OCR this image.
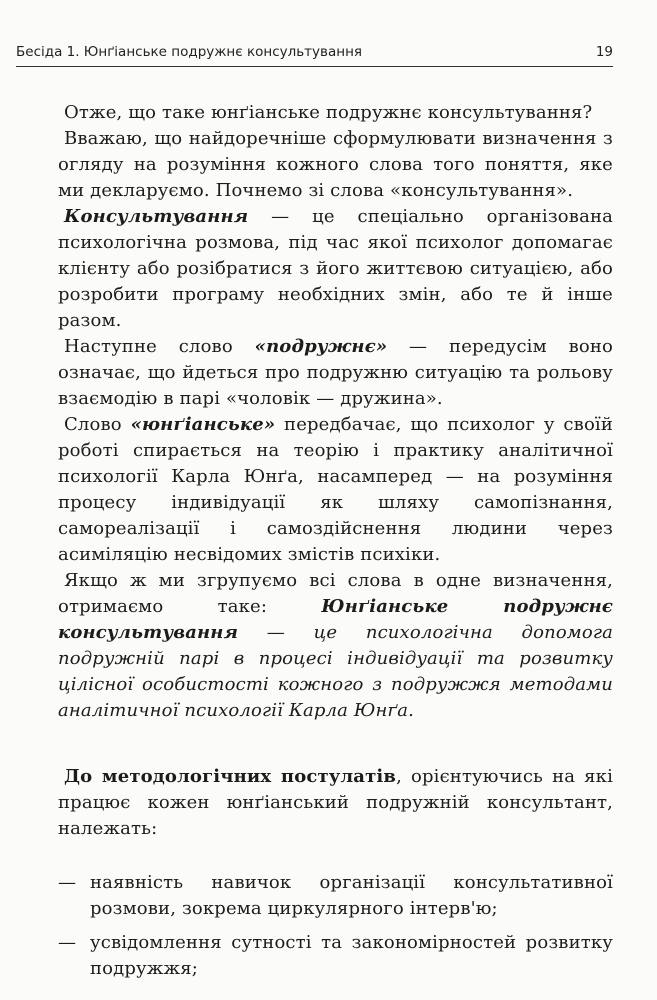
Бесіда 1. Юнґіанське подружнє консультування	19

Отже, що таке юнґіанське подружнє консультування?

Вважаю, що найдоречніше сформулювати визначення з огляду на розуміння кожного слова того поняття, яке ми декларуємо. Почнемо зі слова «консультування».

Консультування — це спеціально організована психологічна розмова, під час якої психолог допомагає клієнту або розібратися з його життєвою ситуацією, або розробити програму необхідних змін, або те й інше разом.

Наступне слово «подружнє» — передусім воно означає, що йдеться про подружню ситуацію та рольову взаємодію в парі «чоловік — дружина».

Слово «юнґіанське» передбачає, що психолог у своїй роботі спирається на теорію і практику аналітичної психології Карла Юнґа, насамперед — на розуміння процесу індивідуації як шляху самопізнання, самореалізації і самоздійснення людини через асиміляцію несвідомих змістів психіки.

Якщо ж ми згрупуємо всі слова в одне визначення, отримаємо таке: Юнґіанське подружнє консультування — це психологічна допомога подружній парі в процесі індивідуації та розвитку цілісної особистості кожного з подружжя методами аналітичної психології Карла Юнґа.

До методологічних постулатів, орієнтуючись на які працює кожен юнґіанський подружній консультант, належать:

— наявність навичок організації консультативної розмови, зокрема циркулярного інтерв'ю;

— усвідомлення сутності та закономірностей розвитку подружжя;
